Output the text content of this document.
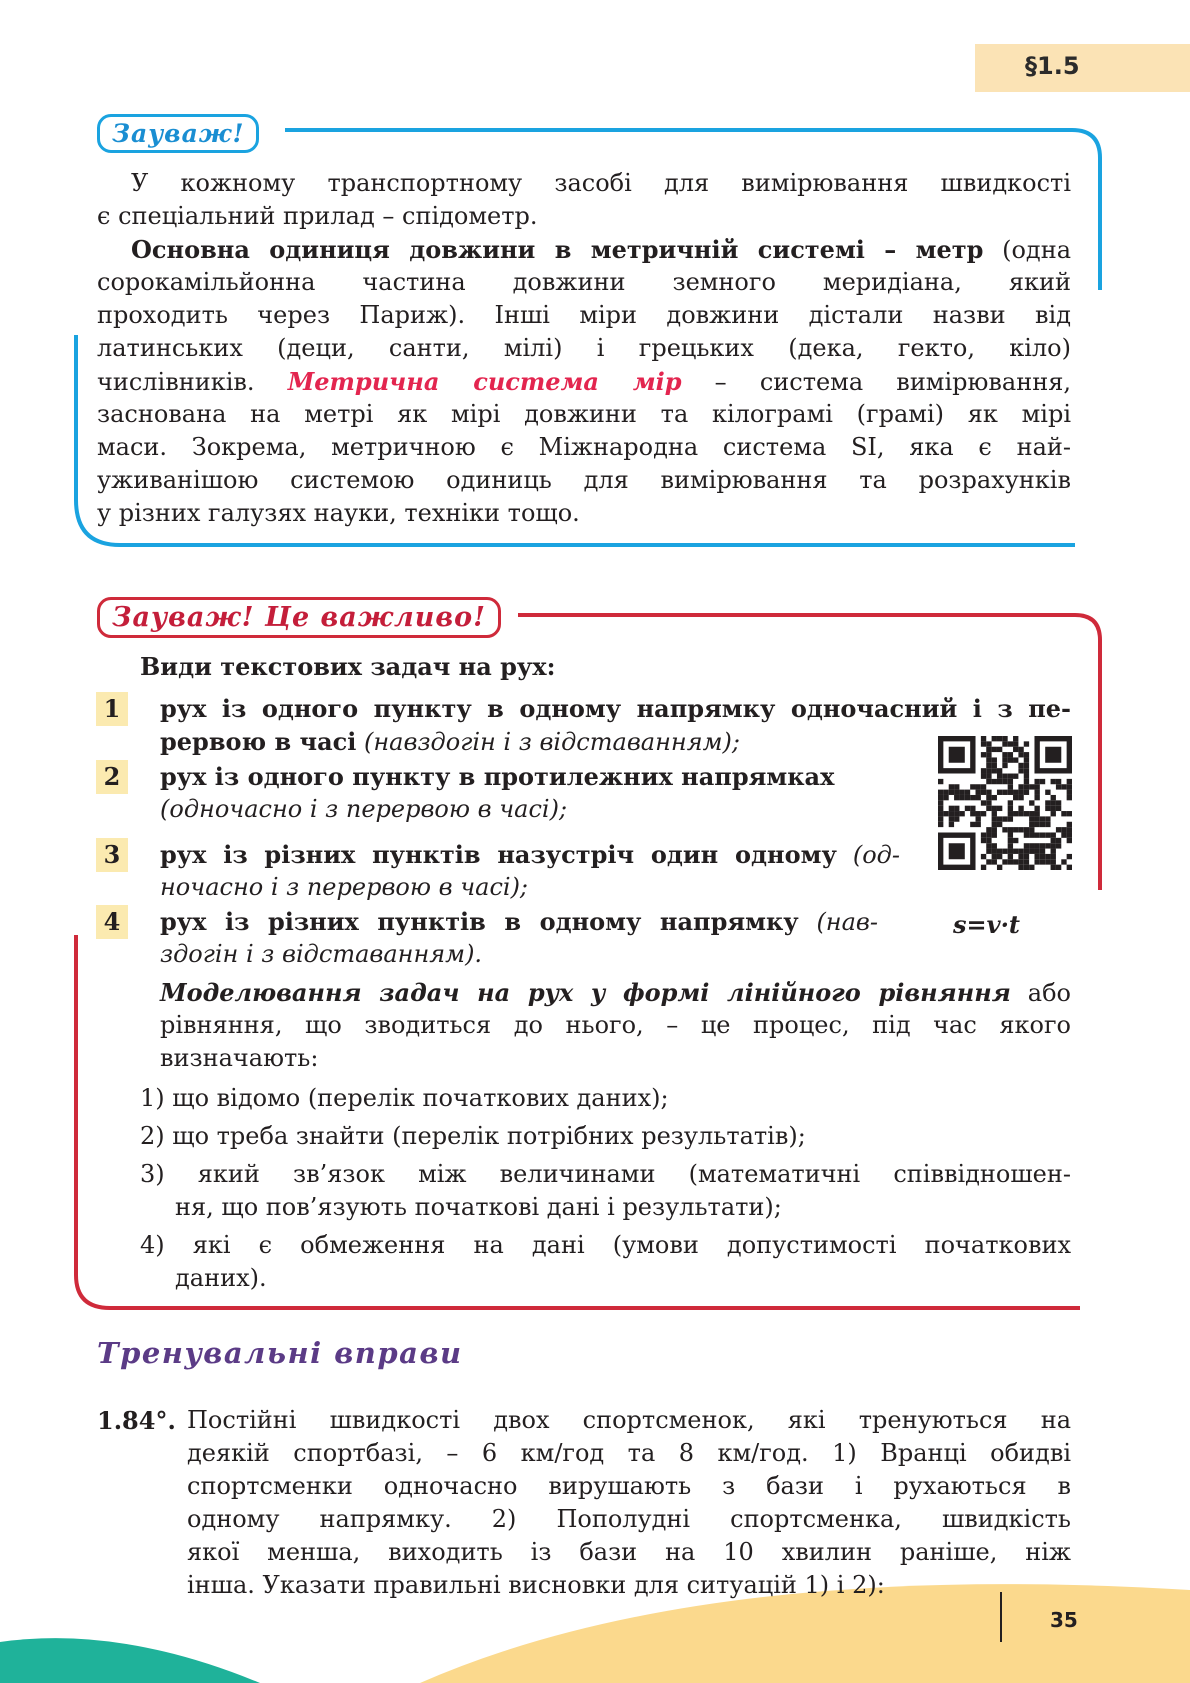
§1.5
Зауваж!

У кожному транспортному засобі для вимірювання швидкості

є спеціальний прилад – спідометр.

Основна одиниця довжини в метричній системі – метр (одна

сорокамільйонна частина довжини земного меридіана, який

проходить через Париж). Інші міри довжини дістали назви від

латинських (деци, санти, мілі) і грецьких (дека, гекто, кіло)

числівників. Метрична система мір – система вимірювання,

заснована на метрі як мірі довжини та кілограмі (грамі) як мірі

маси. Зокрема, метричною є Міжнародна система SI, яка є най-

уживанішою системою одиниць для вимірювання та розрахунків

у різних галузях науки, техніки тощо.

Зауваж! Це важливо!

Види текстових задач на рух:

1	рух із одного пункту в одному напрямку одночасний і з пе-

рервою в часі (навздогін і з відставанням);

2	рух із одного пункту в протилежних напрямках

(одночасно і з перервою в часі);

3	рух із різних пунктів назустріч один одному (од-

ночасно і з перервою в часі);

4	рух із різних пунктів в одному напрямку (нав-

здогін і з відставанням).

s=v·t

Моделювання задач на рух у формі лінійного рівняння або

рівняння, що зводиться до нього, – це процес, під час якого

визначають:

1) що відомо (перелік початкових даних);

2) що треба знайти (перелік потрібних результатів);

3) який зв’язок між величинами (математичні співвідношен-

ня, що пов’язують початкові дані і результати);

4) які є обмеження на дані (умови допустимості початкових

даних).

Тренувальні вправи
1.84°. Постійні швидкості двох спортсменок, які тренуються на

деякій спортбазі, – 6 км/год та 8 км/год. 1) Вранці обидві

спортсменки одночасно вирушають з бази і рухаються в

одному напрямку. 2) Пополудні спортсменка, швидкість

якої менша, виходить із бази на 10 хвилин раніше, ніж

інша. Указати правильні висновки для ситуацій 1) і 2):

35
